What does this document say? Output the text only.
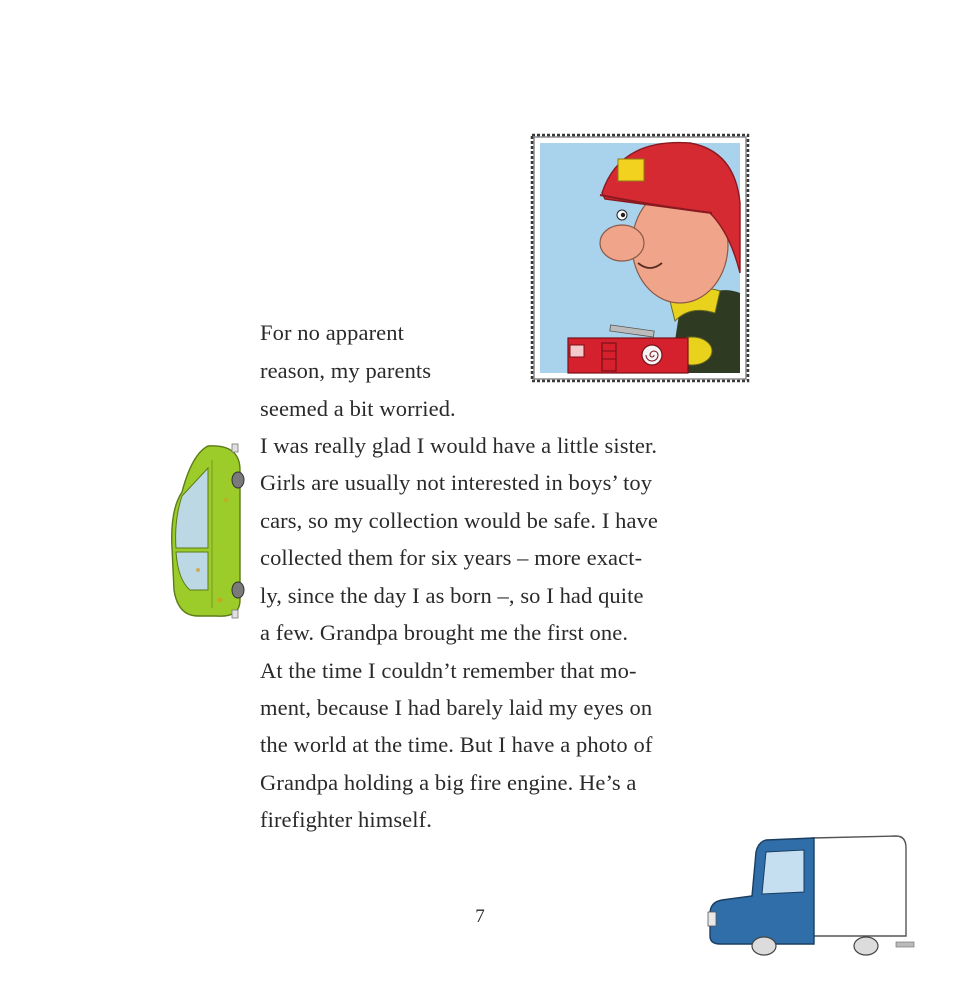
For no apparent
reason, my parents
seemed a bit worried.
I was really glad I would have a little sister.
Girls are usually not interested in boys’ toy
cars, so my collection would be safe. I have
collected them for six years – more exact-
ly, since the day I as born –, so I had quite
a few. Grandpa brought me the first one.
At the time I couldn’t remember that mo-
ment, because I had barely laid my eyes on
the world at the time. But I have a photo of
Grandpa holding a big fire engine. He’s a
firefighter himself.
7
